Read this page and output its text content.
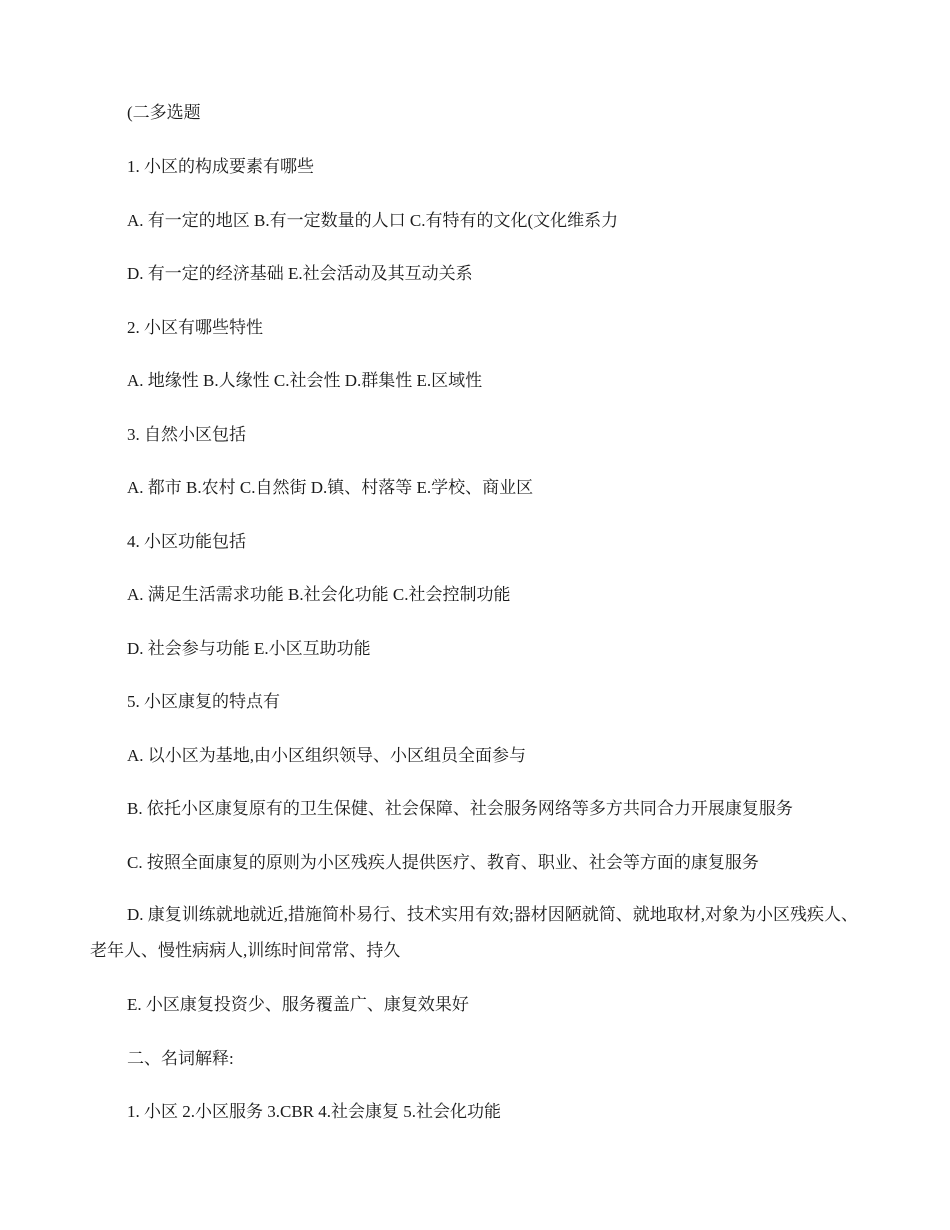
(二多选题

1. 小区的构成要素有哪些

A. 有一定的地区 B.有一定数量的人口 C.有特有的文化(文化维系力

D. 有一定的经济基础 E.社会活动及其互动关系

2. 小区有哪些特性

A. 地缘性 B.人缘性 C.社会性 D.群集性 E.区域性

3. 自然小区包括

A. 都市 B.农村 C.自然街 D.镇、村落等 E.学校、商业区

4. 小区功能包括

A. 满足生活需求功能 B.社会化功能 C.社会控制功能

D. 社会参与功能 E.小区互助功能

5. 小区康复的特点有

A. 以小区为基地,由小区组织领导、小区组员全面参与

B. 依托小区康复原有的卫生保健、社会保障、社会服务网络等多方共同合力开展康复服务

C. 按照全面康复的原则为小区残疾人提供医疗、教育、职业、社会等方面的康复服务

D. 康复训练就地就近,措施简朴易行、技术实用有效;器材因陋就简、就地取材,对象为小区残疾人、老年人、慢性病病人,训练时间常常、持久

E. 小区康复投资少、服务覆盖广、康复效果好

二、名词解释:

1. 小区 2.小区服务 3.CBR 4.社会康复 5.社会化功能
